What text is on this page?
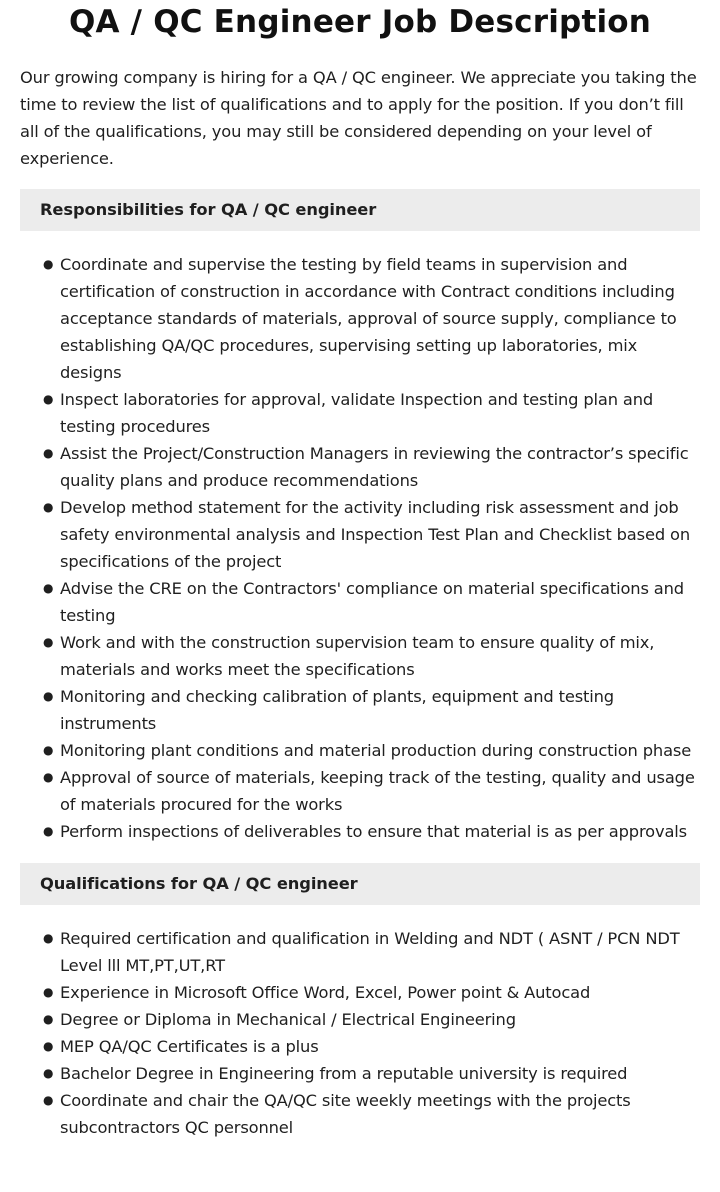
QA / QC Engineer Job Description

Our growing company is hiring for a QA / QC engineer. We appreciate you taking the time to review the list of qualifications and to apply for the position. If you don’t fill all of the qualifications, you may still be considered depending on your level of experience.

Responsibilities for QA / QC engineer
● Coordinate and supervise the testing by field teams in supervision and certification of construction in accordance with Contract conditions including acceptance standards of materials, approval of source supply, compliance to establishing QA/QC procedures, supervising setting up laboratories, mix designs
● Inspect laboratories for approval, validate Inspection and testing plan and testing procedures
● Assist the Project/Construction Managers in reviewing the contractor’s specific quality plans and produce recommendations
● Develop method statement for the activity including risk assessment and job safety environmental analysis and Inspection Test Plan and Checklist based on specifications of the project
● Advise the CRE on the Contractors' compliance on material specifications and testing
● Work and with the construction supervision team to ensure quality of mix, materials and works meet the specifications
● Monitoring and checking calibration of plants, equipment and testing instruments
● Monitoring plant conditions and material production during construction phase
● Approval of source of materials, keeping track of the testing, quality and usage of materials procured for the works
● Perform inspections of deliverables to ensure that material is as per approvals
Qualifications for QA / QC engineer
● Required certification and qualification in Welding and NDT ( ASNT / PCN NDT Level lll MT,PT,UT,RT
● Experience in Microsoft Office Word, Excel, Power point & Autocad
● Degree or Diploma in Mechanical / Electrical Engineering
● MEP QA/QC Certificates is a plus
● Bachelor Degree in Engineering from a reputable university is required
● Coordinate and chair the QA/QC site weekly meetings with the projects subcontractors QC personnel
